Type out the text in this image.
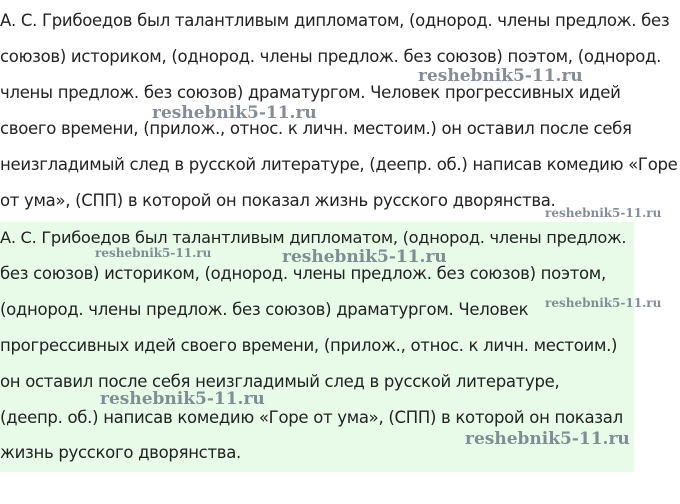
А. С. Грибоедов был талантливым дипломатом, (однород. члены предлож. без
союзов) историком, (однород. члены предлож. без союзов) поэтом, (однород.
члены предлож. без союзов) драматургом. Человек прогрессивных идей
своего времени, (прилож., относ. к личн. местоим.) он оставил после себя
неизгладимый след в русской литературе, (деепр. об.) написав комедию «Горе
от ума», (СПП) в которой он показал жизнь русского дворянства.
А. С. Грибоедов был талантливым дипломатом, (однород. члены предлож.
без союзов) историком, (однород. члены предлож. без союзов) поэтом,
(однород. члены предлож. без союзов) драматургом. Человек
прогрессивных идей своего времени, (прилож., относ. к личн. местоим.)
он оставил после себя неизгладимый след в русской литературе,
(деепр. об.) написав комедию «Горе от ума», (СПП) в которой он показал
жизнь русского дворянства.
reshebnik5-11.ru
reshebnik5-11.ru
reshebnik5-11.ru
reshebnik5-11.ru	reshebnik5-11.ru
reshebnik5-11.ru
reshebnik5-11.ru
reshebnik5-11.ru
